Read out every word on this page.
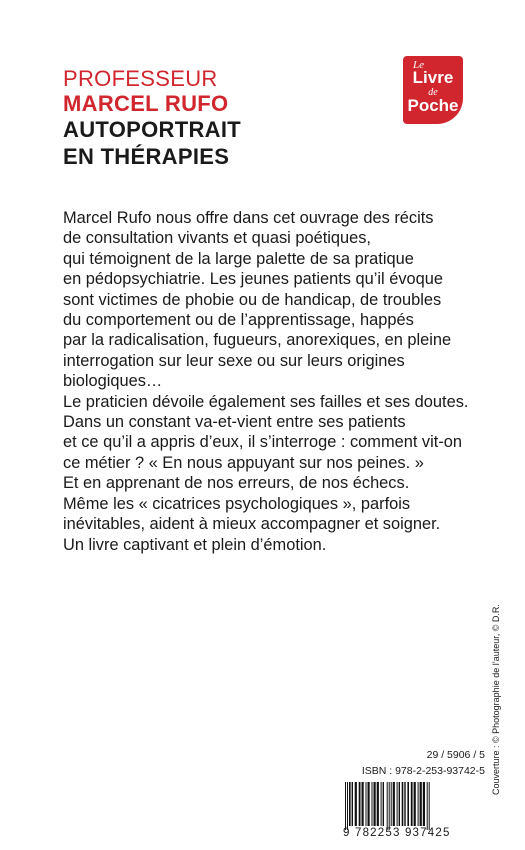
PROFESSEUR
MARCEL RUFO
AUTOPORTRAIT
EN THÉRAPIES
Le
Livre
de
Poche
Marcel Rufo nous offre dans cet ouvrage des récits
de consultation vivants et quasi poétiques,
qui témoignent de la large palette de sa pratique
en pédopsychiatrie. Les jeunes patients qu’il évoque
sont victimes de phobie ou de handicap, de troubles
du comportement ou de l’apprentissage, happés
par la radicalisation, fugueurs, anorexiques, en pleine
interrogation sur leur sexe ou sur leurs origines
biologiques…
Le praticien dévoile également ses failles et ses doutes.
Dans un constant va-et-vient entre ses patients
et ce qu’il a appris d’eux, il s’interroge : comment vit-on
ce métier ? « En nous appuyant sur nos peines. »
Et en apprenant de nos erreurs, de nos échecs.
Même les « cicatrices psychologiques », parfois
inévitables, aident à mieux accompagner et soigner.
Un livre captivant et plein d’émotion.
29 / 5906 / 5
ISBN : 978-2-253-93742-5 Couverture : © Photographie de l’auteur, © D.R.
9 782253 937425
